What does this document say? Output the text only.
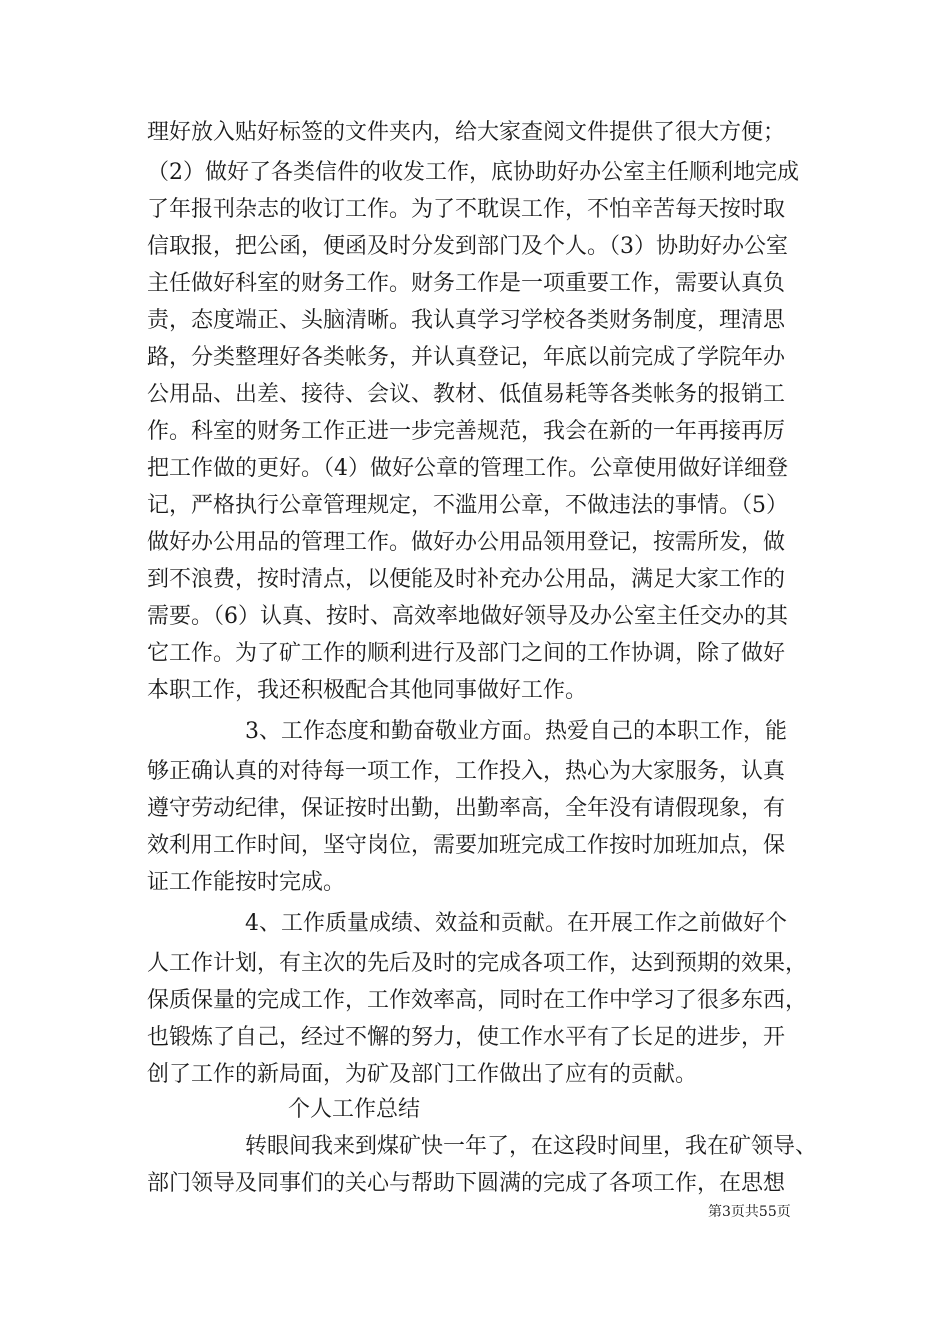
理好放入贴好标签的文件夹内，给大家查阅文件提供了很大方便；
（2）做好了各类信件的收发工作，底协助好办公室主任顺利地完成
了年报刊杂志的收订工作。为了不耽误工作，不怕辛苦每天按时取
信取报，把公函，便函及时分发到部门及个人。（3）协助好办公室
主任做好科室的财务工作。财务工作是一项重要工作，需要认真负
责，态度端正、头脑清晰。我认真学习学校各类财务制度，理清思
路，分类整理好各类帐务，并认真登记，年底以前完成了学院年办
公用品、出差、接待、会议、教材、低值易耗等各类帐务的报销工
作。科室的财务工作正进一步完善规范，我会在新的一年再接再厉
把工作做的更好。（4）做好公章的管理工作。公章使用做好详细登
记，严格执行公章管理规定，不滥用公章，不做违法的事情。（5）
做好办公用品的管理工作。做好办公用品领用登记，按需所发，做
到不浪费，按时清点，以便能及时补充办公用品，满足大家工作的
需要。（6）认真、按时、高效率地做好领导及办公室主任交办的其
它工作。为了矿工作的顺利进行及部门之间的工作协调，除了做好
本职工作，我还积极配合其他同事做好工作。
3、工作态度和勤奋敬业方面。热爱自己的本职工作，能
够正确认真的对待每一项工作，工作投入，热心为大家服务，认真
遵守劳动纪律，保证按时出勤，出勤率高，全年没有请假现象，有
效利用工作时间，坚守岗位，需要加班完成工作按时加班加点，保
证工作能按时完成。
4、工作质量成绩、效益和贡献。在开展工作之前做好个
人工作计划，有主次的先后及时的完成各项工作，达到预期的效果，
保质保量的完成工作，工作效率高，同时在工作中学习了很多东西，
也锻炼了自己，经过不懈的努力，使工作水平有了长足的进步，开
创了工作的新局面，为矿及部门工作做出了应有的贡献。
个人工作总结
转眼间我来到煤矿快一年了，在这段时间里，我在矿领导、
部门领导及同事们的关心与帮助下圆满的完成了各项工作，在思想
第3页共55页
